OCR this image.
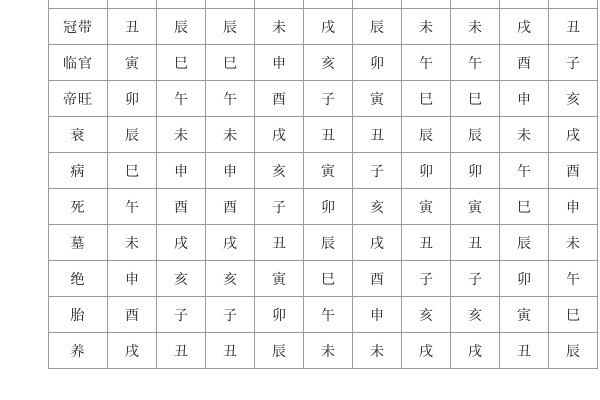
冠带	丑	辰	辰	未	戌	辰	未	未	戌	丑
临官	寅	巳	巳	申	亥	卯	午	午	酉	子
帝旺	卯	午	午	酉	子	寅	巳	巳	申	亥
衰	辰	未	未	戌	丑	丑	辰	辰	未	戌
病	巳	申	申	亥	寅	子	卯	卯	午	酉
死	午	酉	酉	子	卯	亥	寅	寅	巳	申
墓	未	戌	戌	丑	辰	戌	丑	丑	辰	未
绝	申	亥	亥	寅	巳	酉	子	子	卯	午
胎	酉	子	子	卯	午	申	亥	亥	寅	巳
养	戌	丑	丑	辰	未	未	戌	戌	丑	辰
